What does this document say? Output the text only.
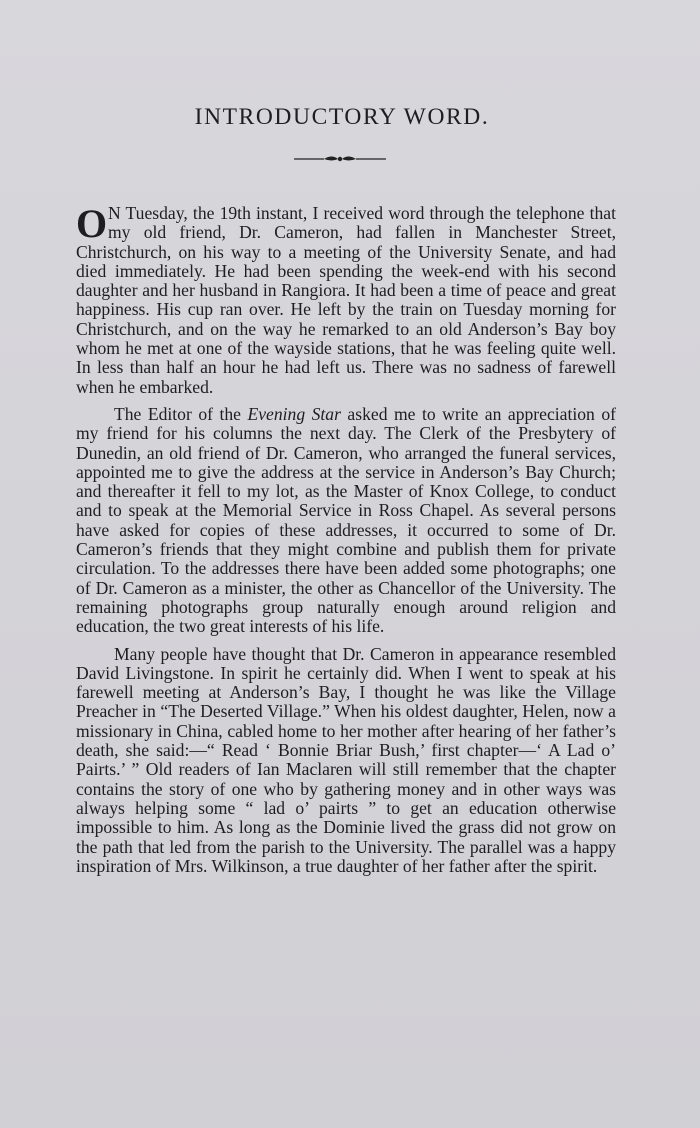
INTRODUCTORY WORD.

O N Tuesday, the 19th instant, I received word through the telephone that my old friend, Dr. Cameron, had fallen in Manchester Street, Christchurch, on his way to a meeting of the University Senate, and had died immediately. He had been spending the week-end with his second daughter and her husband in Rangiora. It had been a time of peace and great happiness. His cup ran over. He left by the train on Tuesday morning for Christchurch, and on the way he remarked to an old Anderson’s Bay boy whom he met at one of the wayside stations, that he was feeling quite well. In less than half an hour he had left us. There was no sadness of farewell when he embarked.

The Editor of the Evening Star asked me to write an appreciation of my friend for his columns the next day. The Clerk of the Presbytery of Dunedin, an old friend of Dr. Cameron, who arranged the funeral services, appointed me to give the address at the service in Anderson’s Bay Church; and thereafter it fell to my lot, as the Master of Knox College, to conduct and to speak at the Memorial Service in Ross Chapel. As several persons have asked for copies of these addresses, it occurred to some of Dr. Cameron’s friends that they might combine and publish them for private circulation. To the addresses there have been added some photographs; one of Dr. Cameron as a minister, the other as Chancellor of the University. The remaining photographs group naturally enough around religion and education, the two great interests of his life.

Many people have thought that Dr. Cameron in appearance resembled David Livingstone. In spirit he certainly did. When I went to speak at his farewell meeting at Anderson’s Bay, I thought he was like the Village Preacher in “The Deserted Village.” When his oldest daughter, Helen, now a missionary in China, cabled home to her mother after hearing of her father’s death, she said:—“ Read ‘ Bonnie Briar Bush,’ first chapter—‘ A Lad o’ Pairts.’ ” Old readers of Ian Maclaren will still remember that the chapter contains the story of one who by gathering money and in other ways was always helping some “ lad o’ pairts ” to get an education otherwise impossible to him. As long as the Dominie lived the grass did not grow on the path that led from the parish to the University. The parallel was a happy inspiration of Mrs. Wilkinson, a true daughter of her father after the spirit.
